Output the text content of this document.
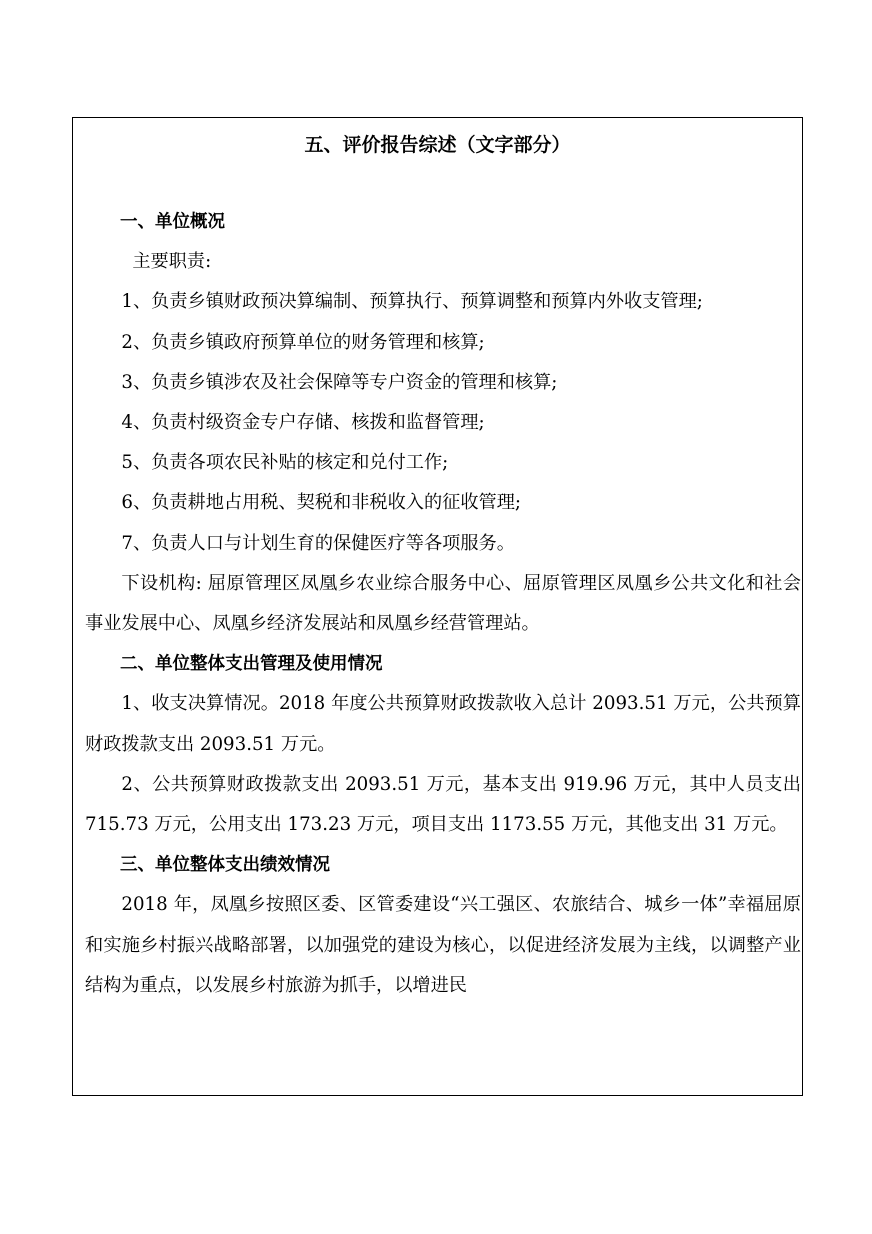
五、评价报告综述（文字部分）

一、单位概况

主要职责:

1、负责乡镇财政预决算编制、预算执行、预算调整和预算内外收支管理;

2、负责乡镇政府预算单位的财务管理和核算;

3、负责乡镇涉农及社会保障等专户资金的管理和核算;

4、负责村级资金专户存储、核拨和监督管理;

5、负责各项农民补贴的核定和兑付工作;

6、负责耕地占用税、契税和非税收入的征收管理;

7、负责人口与计划生育的保健医疗等各项服务。

下设机构: 屈原管理区凤凰乡农业综合服务中心、屈原管理区凤凰乡公共文化和社会事业发展中心、凤凰乡经济发展站和凤凰乡经营管理站。

二、单位整体支出管理及使用情况

1、收支决算情况。2018 年度公共预算财政拨款收入总计 2093.51 万元，公共预算财政拨款支出 2093.51 万元。

2、公共预算财政拨款支出 2093.51 万元，基本支出 919.96 万元，其中人员支出 715.73 万元，公用支出 173.23 万元，项目支出 1173.55 万元，其他支出 31 万元。

三、单位整体支出绩效情况

2018 年，凤凰乡按照区委、区管委建设“兴工强区、农旅结合、城乡一体”幸福屈原和实施乡村振兴战略部署，以加强党的建设为核心，以促进经济发展为主线，以调整产业结构为重点，以发展乡村旅游为抓手，以增进民
